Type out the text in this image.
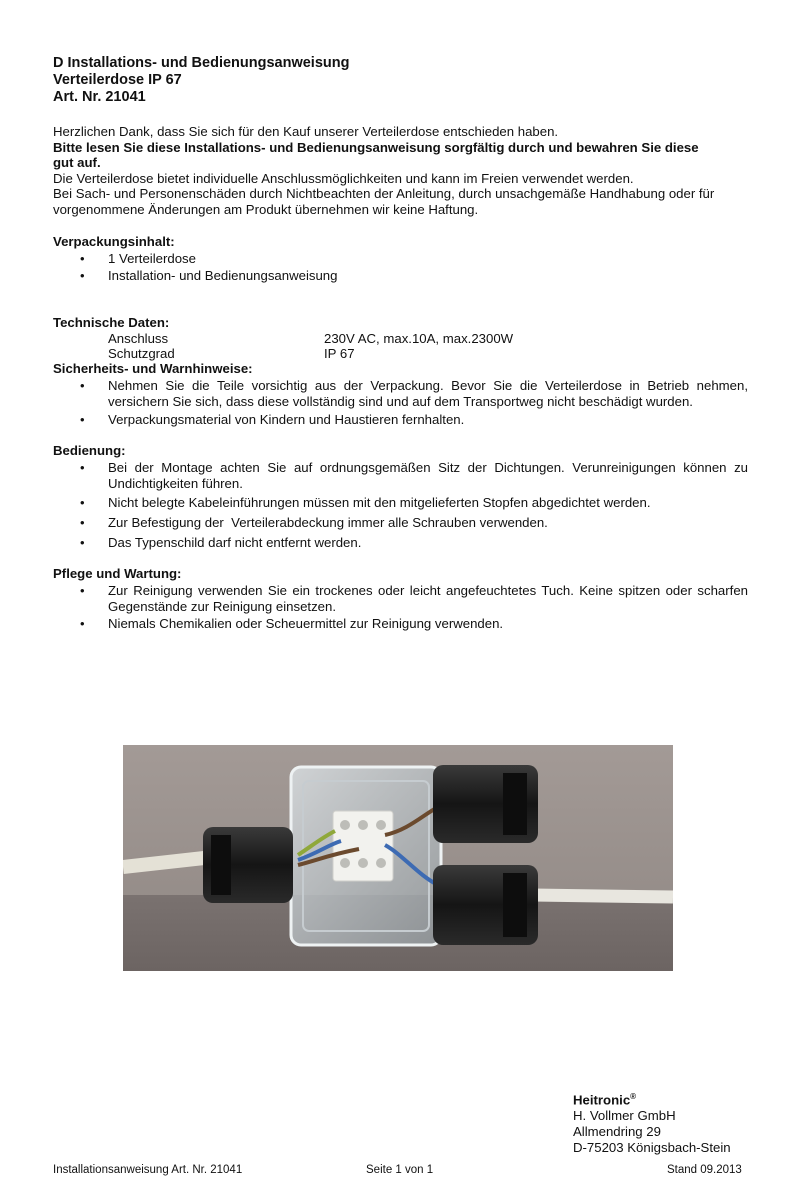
D Installations- und Bedienungsanweisung
Verteilerdose IP 67
Art. Nr. 21041
Herzlichen Dank, dass Sie sich für den Kauf unserer Verteilerdose entschieden haben.
Bitte lesen Sie diese Installations- und Bedienungsanweisung sorgfältig durch und bewahren Sie diese
gut auf.
Die Verteilerdose bietet individuelle Anschlussmöglichkeiten und kann im Freien verwendet werden.
Bei Sach- und Personenschäden durch Nichtbeachten der Anleitung, durch unsachgemäße Handhabung oder für
vorgenommene Änderungen am Produkt übernehmen wir keine Haftung.
Verpackungsinhalt:
• 1 Verteilerdose
• Installation- und Bedienungsanweisung
Technische Daten:
Anschluss	230V AC, max.10A, max.2300W
Schutzgrad	IP 67
Sicherheits- und Warnhinweise:
• Nehmen Sie die Teile vorsichtig aus der Verpackung. Bevor Sie die Verteilerdose in Betrieb nehmen, versichern Sie sich, dass diese vollständig sind und auf dem Transportweg nicht beschädigt wurden.
• Verpackungsmaterial von Kindern und Haustieren fernhalten.
Bedienung:
• Bei der Montage achten Sie auf ordnungsgemäßen Sitz der Dichtungen. Verunreinigungen können zu Undichtigkeiten führen.
• Nicht belegte Kabeleinführungen müssen mit den mitgelieferten Stopfen abgedichtet werden.
• Zur Befestigung der  Verteilerabdeckung immer alle Schrauben verwenden.
• Das Typenschild darf nicht entfernt werden.
Pflege und Wartung:
• Zur Reinigung verwenden Sie ein trockenes oder leicht angefeuchtetes Tuch. Keine spitzen oder scharfen Gegenstände zur Reinigung einsetzen.
• Niemals Chemikalien oder Scheuermittel zur Reinigung verwenden.
Heitronic®
H. Vollmer GmbH
Allmendring 29
D-75203 Königsbach-Stein
Installationsanweisung Art. Nr. 21041	Seite 1 von 1	Stand 09.2013
